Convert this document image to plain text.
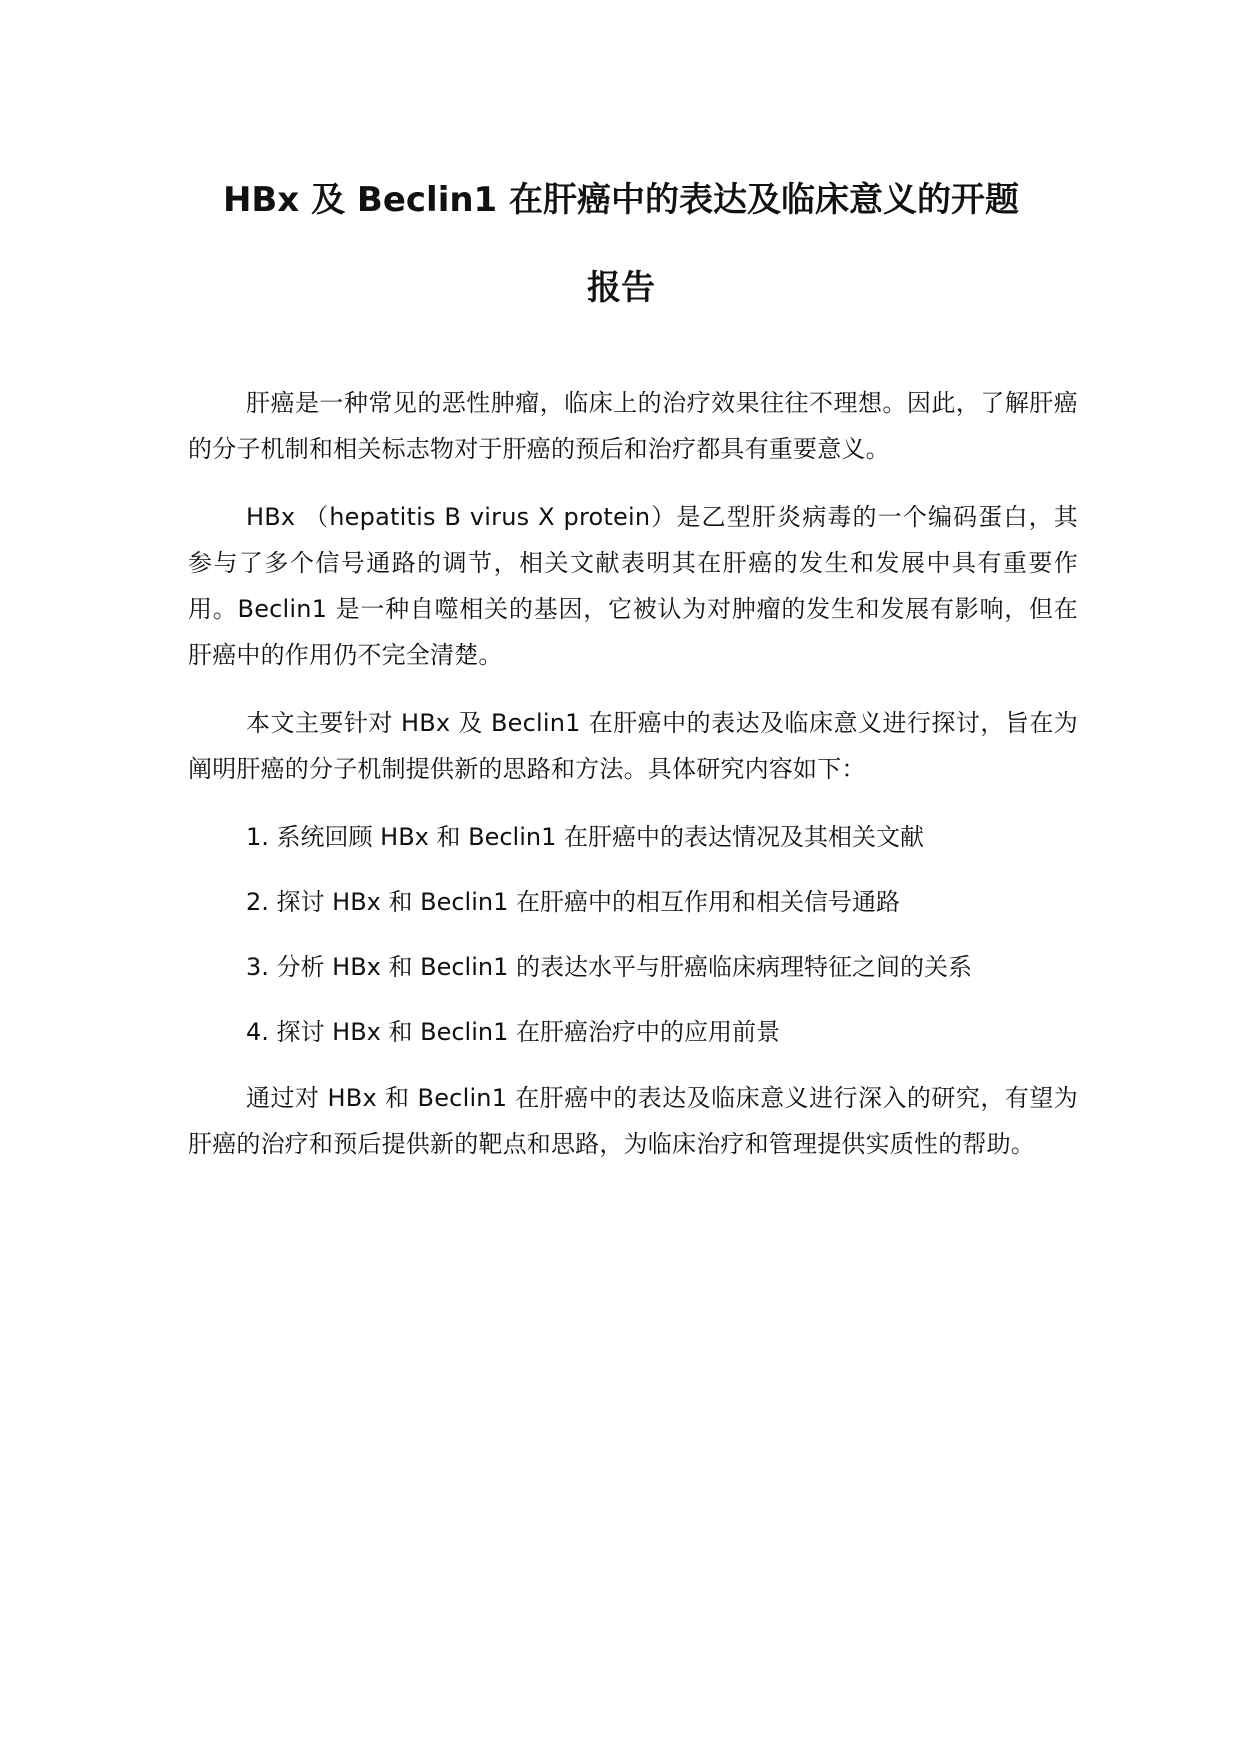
HBx 及 Beclin1 在肝癌中的表达及临床意义的开题
报告

肝癌是一种常见的恶性肿瘤，临床上的治疗效果往往不理想。因此，了解肝癌的分子机制和相关标志物对于肝癌的预后和治疗都具有重要意义。

HBx （hepatitis B virus X protein）是乙型肝炎病毒的一个编码蛋白，其参与了多个信号通路的调节，相关文献表明其在肝癌的发生和发展中具有重要作用。Beclin1 是一种自噬相关的基因，它被认为对肿瘤的发生和发展有影响，但在肝癌中的作用仍不完全清楚。

本文主要针对 HBx 及 Beclin1 在肝癌中的表达及临床意义进行探讨，旨在为阐明肝癌的分子机制提供新的思路和方法。具体研究内容如下：

1. 系统回顾 HBx 和 Beclin1 在肝癌中的表达情况及其相关文献
2. 探讨 HBx 和 Beclin1 在肝癌中的相互作用和相关信号通路
3. 分析 HBx 和 Beclin1 的表达水平与肝癌临床病理特征之间的关系
4. 探讨 HBx 和 Beclin1 在肝癌治疗中的应用前景

通过对 HBx 和 Beclin1 在肝癌中的表达及临床意义进行深入的研究，有望为肝癌的治疗和预后提供新的靶点和思路，为临床治疗和管理提供实质性的帮助。
